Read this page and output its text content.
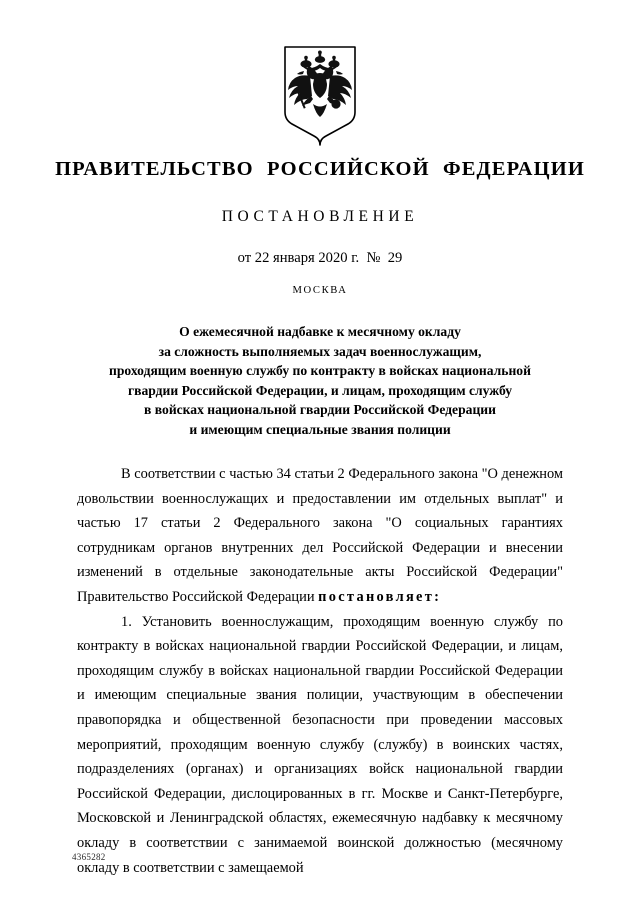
ПРАВИТЕЛЬСТВО РОССИЙСКОЙ ФЕДЕРАЦИИ

ПОСТАНОВЛЕНИЕ

от 22 января 2020 г.  №  29

МОСКВА

О ежемесячной надбавке к месячному окладу
за сложность выполняемых задач военнослужащим,
проходящим военную службу по контракту в войсках национальной
гвардии Российской Федерации, и лицам, проходящим службу
в войсках национальной гвардии Российской Федерации
и имеющим специальные звания полиции

В соответствии с частью 34 статьи 2 Федерального закона "О денежном довольствии военнослужащих и предоставлении им отдельных выплат" и частью 17 статьи 2 Федерального закона "О социальных гарантиях сотрудникам органов внутренних дел Российской Федерации и внесении изменений в отдельные законодательные акты Российской Федерации" Правительство Российской Федерации постановляет:

1. Установить военнослужащим, проходящим военную службу по контракту в войсках национальной гвардии Российской Федерации, и лицам, проходящим службу в войсках национальной гвардии Российской Федерации и имеющим специальные звания полиции, участвующим в обеспечении правопорядка и общественной безопасности при проведении массовых мероприятий, проходящим военную службу (службу) в воинских частях, подразделениях (органах) и организациях войск национальной гвардии Российской Федерации, дислоцированных в гг. Москве и Санкт-Петербурге, Московской и Ленинградской областях, ежемесячную надбавку к месячному окладу в соответствии с занимаемой воинской должностью (месячному окладу в соответствии с замещаемой

4365282
